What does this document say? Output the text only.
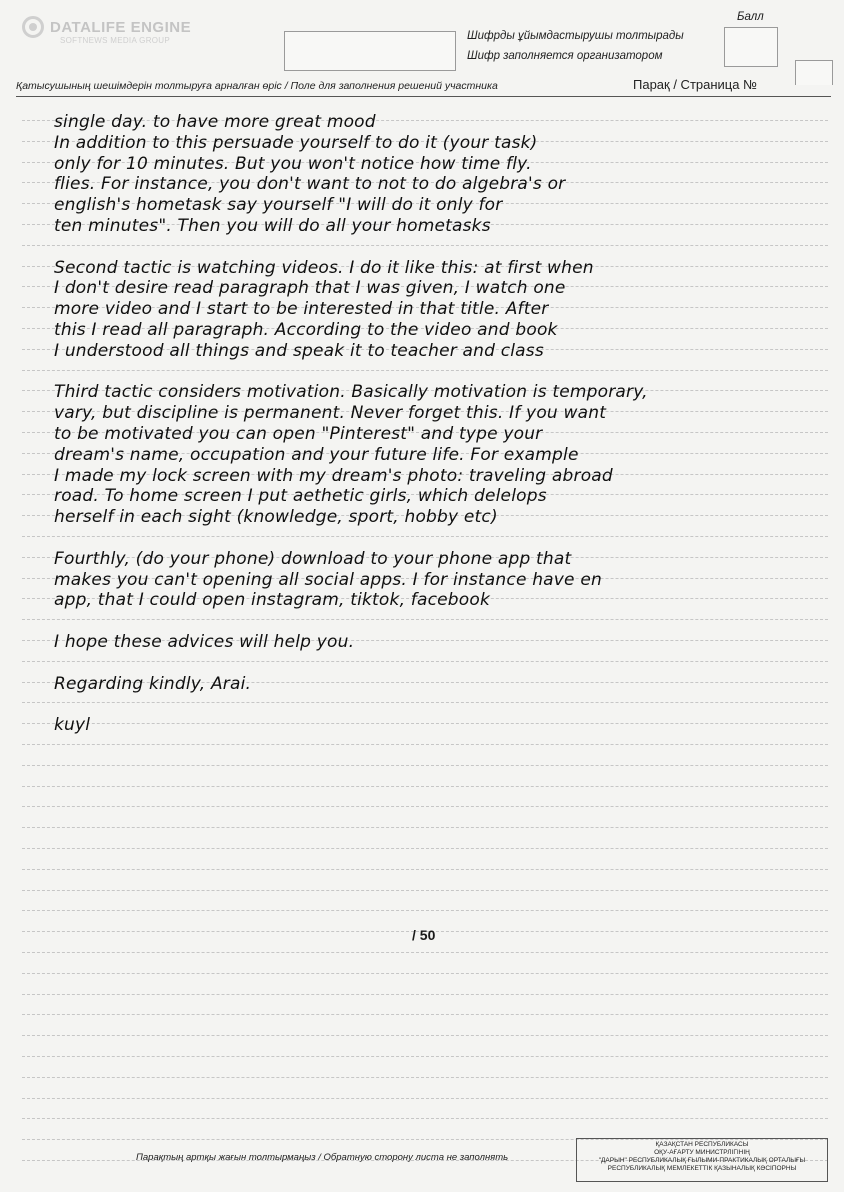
DATALIFE ENGINE
SOFTNEWS MEDIA GROUP	Шифрды ұйымдастырушы толтырады
Шифр заполняется организатором
Балл
Қатысушының шешімдерін толтыруға арналған өріс / Поле для заполнения решений участника	Парақ / Страница №
single day. to have more great mood
In addition to this persuade yourself to do it (your task)
only for 10 minutes. But you won't notice how time fly.
flies. For instance, you don't want to not to do algebra's or
english's hometask say yourself "I will do it only for
ten minutes". Then you will do all your hometasks
Second tactic is watching videos. I do it like this: at first when
I don't desire read paragraph that I was given, I watch one
more video and I start to be interested in that title. After
this I read all paragraph. According to the video and book
I understood all things and speak it to teacher and class
Third tactic considers motivation. Basically motivation is temporary,
vary, but discipline is permanent. Never forget this. If you want
to be motivated you can open "Pinterest" and type your
dream's name, occupation and your future life. For example
I made my lock screen with my dream's photo: traveling abroad
road. To home screen I put aethetic girls, which delelops
herself in each sight (knowledge, sport, hobby etc)
Fourthly, (do your phone) download to your phone app that
makes you can't opening all social apps. I for instance have en
app, that I could open instagram, tiktok, facebook
I hope these advices will help you.
Regarding kindly, Arai.
kuyl
/ 50
Парақтың артқы жағын толтырмаңыз / Обратную сторону листа не заполнять
ҚАЗАҚСТАН РЕСПУБЛИКАСЫ
ОҚУ-АҒАРТУ МИНИСТРЛІГІНІҢ
"ДАРЫН" РЕСПУБЛИКАЛЫҚ ҒЫЛЫМИ-ПРАКТИКАЛЫҚ ОРТАЛЫҒЫ
РЕСПУБЛИКАЛЫҚ МЕМЛЕКЕТТІК ҚАЗЫНАЛЫҚ КӘСІПОРНЫ
